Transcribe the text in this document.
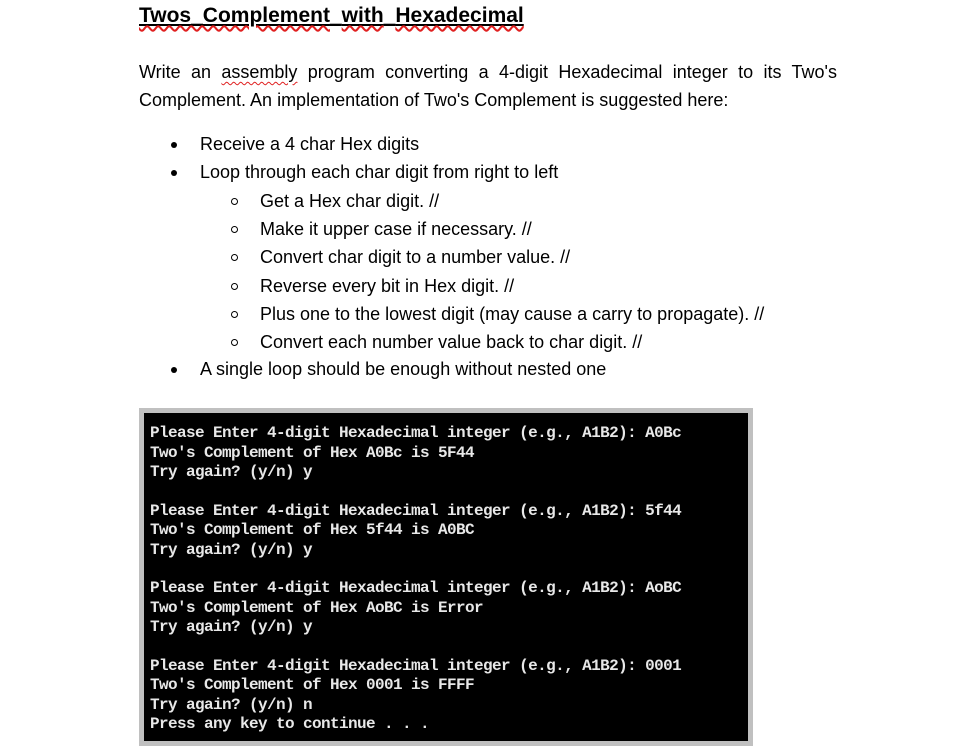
Twos_Complement_with_Hexadecimal

Write an assembly program converting a 4-digit Hexadecimal integer to its Two's
Complement. An implementation of Two's Complement is suggested here:

Receive a 4 char Hex digits
Loop through each char digit from right to left
Get a Hex char digit. //
Make it upper case if necessary. //
Convert char digit to a number value. //
Reverse every bit in Hex digit. //
Plus one to the lowest digit (may cause a carry to propagate). //
Convert each number value back to char digit. //
A single loop should be enough without nested one
Please Enter 4-digit Hexadecimal integer (e.g., A1B2): A0Bc
Two's Complement of Hex A0Bc is 5F44
Try again? (y/n) y
Please Enter 4-digit Hexadecimal integer (e.g., A1B2): 5f44
Two's Complement of Hex 5f44 is A0BC
Try again? (y/n) y
Please Enter 4-digit Hexadecimal integer (e.g., A1B2): AoBC
Two's Complement of Hex AoBC is Error
Try again? (y/n) y
Please Enter 4-digit Hexadecimal integer (e.g., A1B2): 0001
Two's Complement of Hex 0001 is FFFF
Try again? (y/n) n
Press any key to continue . . .
